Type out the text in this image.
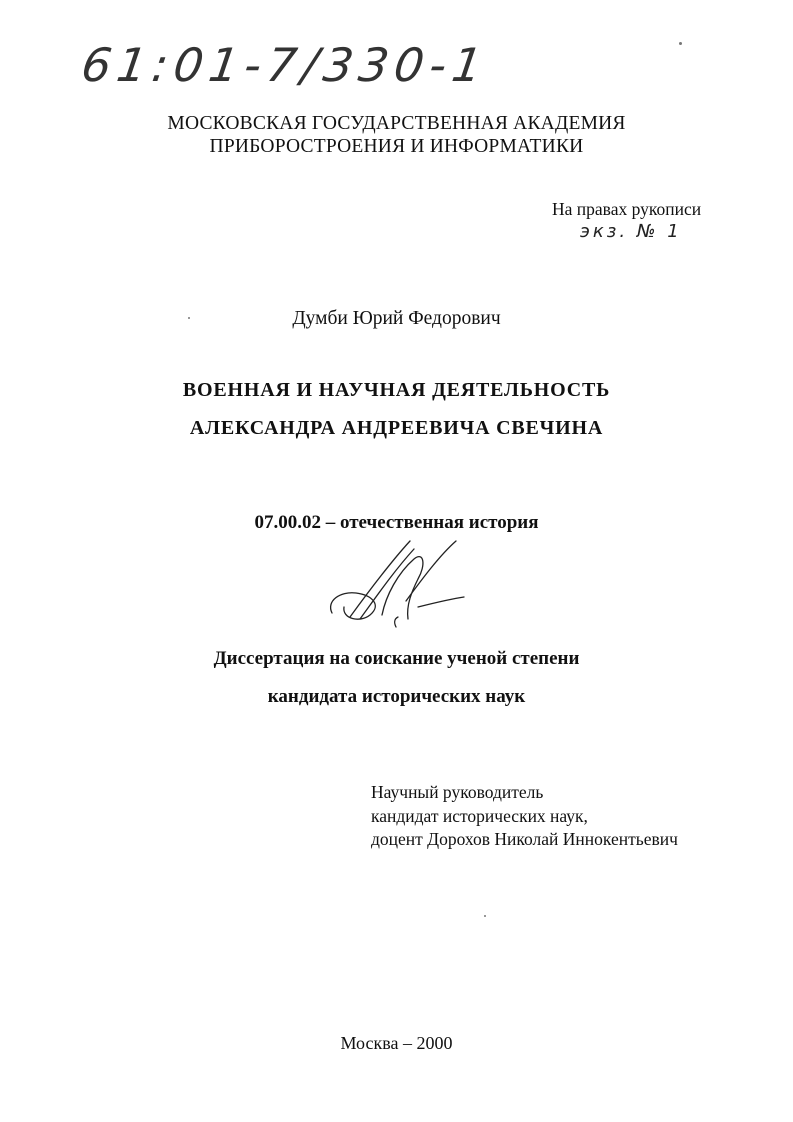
61:01-7/330-1
МОСКОВСКАЯ ГОСУДАРСТВЕННАЯ АКАДЕМИЯ
ПРИБОРОСТРОЕНИЯ И ИНФОРМАТИКИ
На правах рукописи
экз. № 1
Думби Юрий Федорович
ВОЕННАЯ И НАУЧНАЯ ДЕЯТЕЛЬНОСТЬ
АЛЕКСАНДРА АНДРЕЕВИЧА СВЕЧИНА
07.00.02 – отечественная история
Диссертация на соискание ученой степени
кандидата исторических наук
Научный руководитель
кандидат исторических наук,
доцент Дорохов Николай Иннокентьевич
Москва – 2000
